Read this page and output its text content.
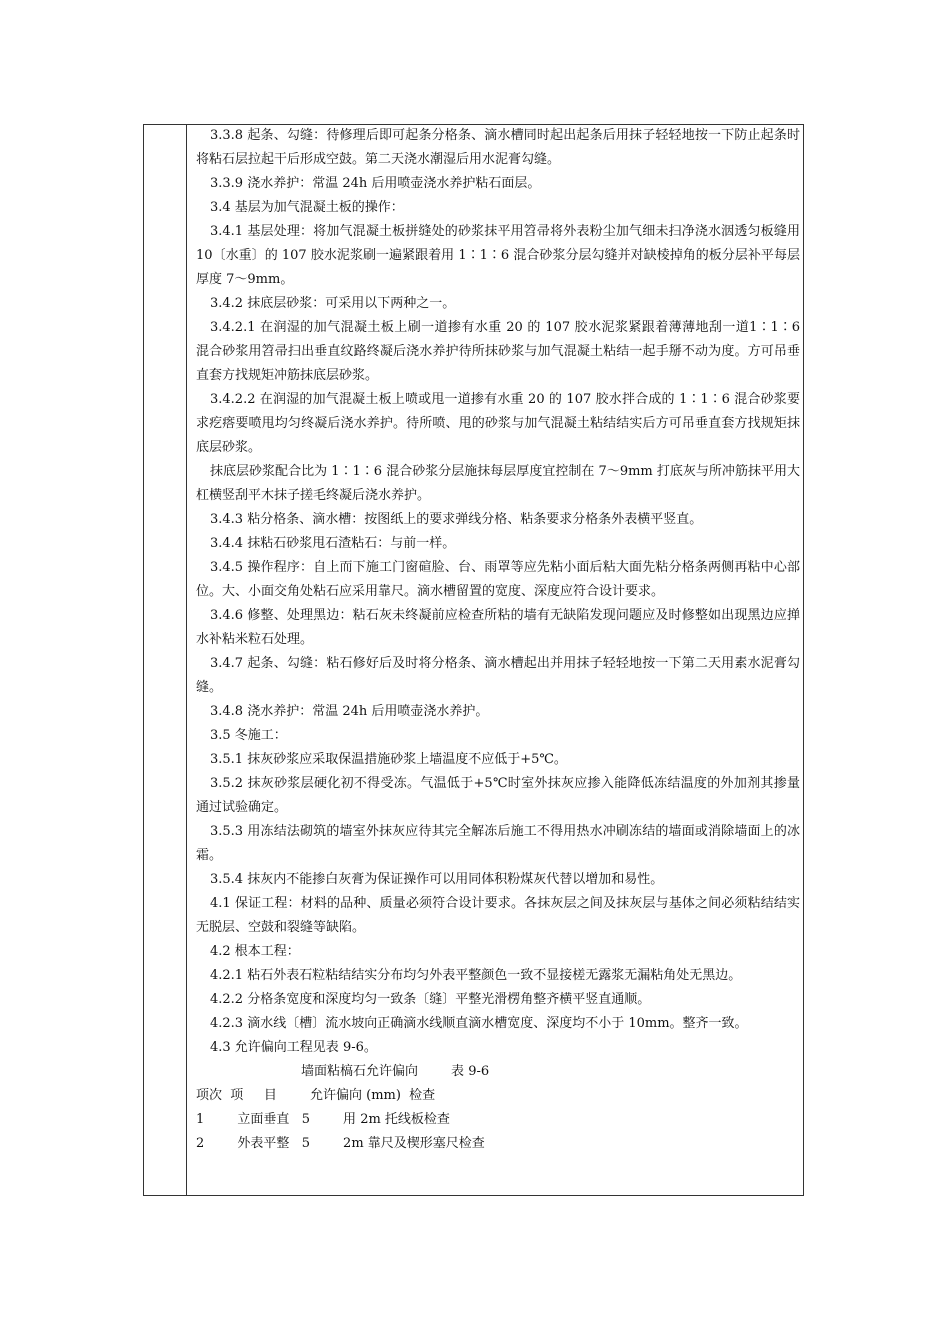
3.3.8 起条、勾缝：待修理后即可起条分格条、滴水槽同时起出起条后用抹子轻轻地按一下防止起条时将粘石层拉起干后形成空鼓。第二天浇水潮湿后用水泥膏勾缝。

3.3.9 浇水养护：常温 24h 后用喷壶浇水养护粘石面层。

3.4 基层为加气混凝土板的操作：

3.4.1 基层处理：将加气混凝土板拼缝处的砂浆抹平用笤帚将外表粉尘加气细未扫净浇水洇透匀板缝用 10〔水重〕的 107 胶水泥浆刷一遍紧跟着用 1∶1∶6 混合砂浆分层勾缝并对缺棱掉角的板分层补平每层厚度 7～9mm。

3.4.2 抹底层砂浆：可采用以下两种之一。

3.4.2.1 在润湿的加气混凝土板上刷一道掺有水重 20 的 107 胶水泥浆紧跟着薄薄地刮一道1∶1∶6 混合砂浆用笤帚扫出垂直纹路终凝后浇水养护待所抹砂浆与加气混凝土粘结一起手掰不动为度。方可吊垂直套方找规矩冲筋抹底层砂浆。

3.4.2.2 在润湿的加气混凝土板上喷或甩一道掺有水重 20 的 107 胶水拌合成的 1∶1∶6 混合砂浆要求疙瘩要喷甩均匀终凝后浇水养护。待所喷、甩的砂浆与加气混凝土粘结结实后方可吊垂直套方找规矩抹底层砂浆。

抹底层砂浆配合比为 1∶1∶6 混合砂浆分层施抹每层厚度宜控制在 7～9mm 打底灰与所冲筋抹平用大杠横竖刮平木抹子搓毛终凝后浇水养护。

3.4.3 粘分格条、滴水槽：按图纸上的要求弹线分格、粘条要求分格条外表横平竖直。

3.4.4 抹粘石砂浆甩石渣粘石：与前一样。

3.4.5 操作程序：自上而下施工门窗碹脸、台、雨罩等应先粘小面后粘大面先粘分格条两侧再粘中心部位。大、小面交角处粘石应采用靠尺。滴水槽留置的宽度、深度应符合设计要求。

3.4.6 修整、处理黑边：粘石灰未终凝前应检查所粘的墙有无缺陷发现问题应及时修整如出现黑边应掸水补粘米粒石处理。

3.4.7 起条、勾缝：粘石修好后及时将分格条、滴水槽起出并用抹子轻轻地按一下第二天用素水泥膏勾缝。

3.4.8 浇水养护：常温 24h 后用喷壶浇水养护。

3.5 冬施工：

3.5.1 抹灰砂浆应采取保温措施砂浆上墙温度不应低于+5℃。

3.5.2 抹灰砂浆层硬化初不得受冻。气温低于+5℃时室外抹灰应掺入能降低冻结温度的外加剂其掺量通过试验确定。

3.5.3 用冻结法砌筑的墙室外抹灰应待其完全解冻后施工不得用热水冲刷冻结的墙面或消除墙面上的冰霜。

3.5.4 抹灰内不能掺白灰膏为保证操作可以用同体积粉煤灰代替以增加和易性。

4.1 保证工程：材料的品种、质量必须符合设计要求。各抹灰层之间及抹灰层与基体之间必须粘结结实无脱层、空鼓和裂缝等缺陷。

4.2 根本工程：

4.2.1 粘石外表石粒粘结结实分布均匀外表平整颜色一致不显接槎无露浆无漏粘角处无黑边。

4.2.2 分格条宽度和深度均匀一致条〔缝〕平整光滑楞角整齐横平竖直通顺。

4.2.3 滴水线〔槽〕流水坡向正确滴水线顺直滴水槽宽度、深度均不小于 10mm。整齐一致。

4.3 允许偏向工程见表 9-6。

墙面粘槁石允许偏向        表 9-6

项次  项     目        允许偏向 (mm)  检查

1        立面垂直   5        用 2m 托线板检查

2        外表平整   5        2m 靠尺及楔形塞尺检查
